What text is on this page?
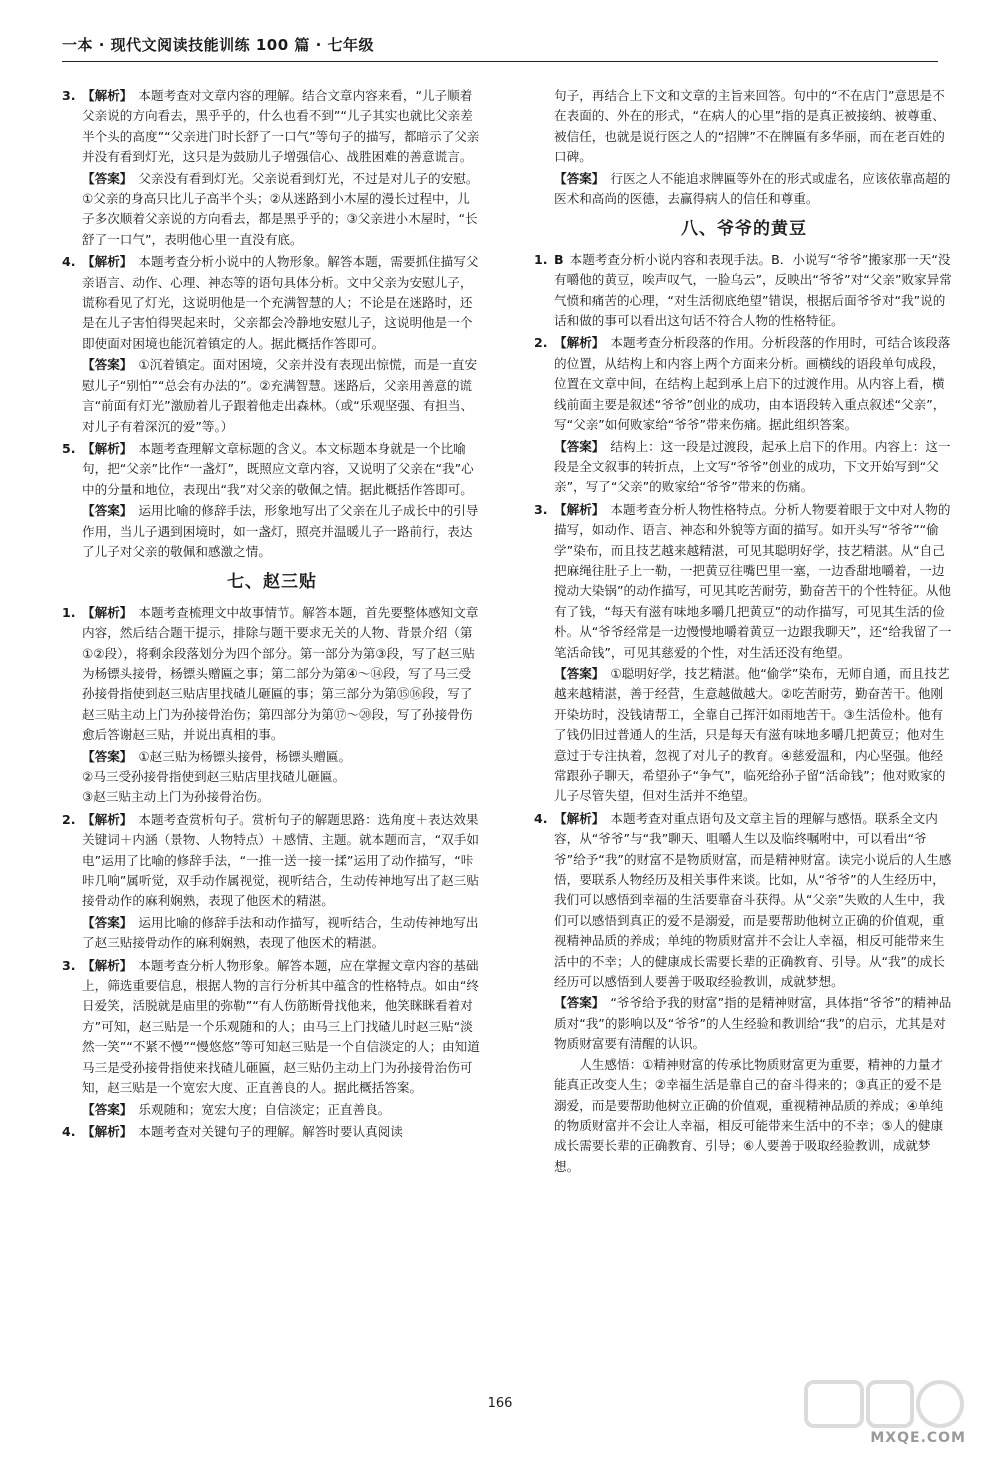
一本 · 现代文阅读技能训练 100 篇 · 七年级
3. 【解析】 本题考查对文章内容的理解。结合文章内容来看，“儿子顺着父亲说的方向看去，黑乎乎的，什么也看不到”“儿子其实也就比父亲差半个头的高度”“父亲进门时长舒了一口气”等句子的描写，都暗示了父亲并没有看到灯光，这只是为鼓励儿子增强信心、战胜困难的善意谎言。

【答案】 父亲没有看到灯光。父亲说看到灯光，不过是对儿子的安慰。①父亲的身高只比儿子高半个头；②从迷路到小木屋的漫长过程中，儿子多次顺着父亲说的方向看去，都是黑乎乎的；③父亲进小木屋时，“长舒了一口气”，表明他心里一直没有底。

4. 【解析】 本题考查分析小说中的人物形象。解答本题，需要抓住描写父亲语言、动作、心理、神态等的语句具体分析。文中父亲为安慰儿子，谎称看见了灯光，这说明他是一个充满智慧的人；不论是在迷路时，还是在儿子害怕得哭起来时，父亲都会冷静地安慰儿子，这说明他是一个即使面对困境也能沉着镇定的人。据此概括作答即可。

【答案】 ①沉着镇定。面对困境，父亲并没有表现出惊慌，而是一直安慰儿子“别怕”“总会有办法的”。②充满智慧。迷路后，父亲用善意的谎言“前面有灯光”激励着儿子跟着他走出森林。（或“乐观坚强、有担当、对儿子有着深沉的爱”等。）

5. 【解析】 本题考查理解文章标题的含义。本文标题本身就是一个比喻句，把“父亲”比作“一盏灯”，既照应文章内容，又说明了父亲在“我”心中的分量和地位，表现出“我”对父亲的敬佩之情。据此概括作答即可。

【答案】 运用比喻的修辞手法，形象地写出了父亲在儿子成长中的引导作用，当儿子遇到困境时，如一盏灯，照亮并温暖儿子一路前行，表达了儿子对父亲的敬佩和感激之情。

七、赵三贴
1. 【解析】 本题考查梳理文中故事情节。解答本题，首先要整体感知文章内容，然后结合题干提示，排除与题干要求无关的人物、背景介绍（第①②段），将剩余段落划分为四个部分。第一部分为第③段，写了赵三贴为杨镖头接骨，杨镖头赠匾之事；第二部分为第④～⑭段，写了马三受孙接骨指使到赵三贴店里找碴儿砸匾的事；第三部分为第⑮⑯段，写了赵三贴主动上门为孙接骨治伤；第四部分为第⑰～⑳段，写了孙接骨伤愈后答谢赵三贴，并说出真相的事。

【答案】 ①赵三贴为杨镖头接骨，杨镖头赠匾。

②马三受孙接骨指使到赵三贴店里找碴儿砸匾。

③赵三贴主动上门为孙接骨治伤。

2. 【解析】 本题考查赏析句子。赏析句子的解题思路：选角度＋表达效果关键词＋内涵（景物、人物特点）＋感情、主题。就本题而言，“双手如电”运用了比喻的修辞手法，“一推一送一接一揉”运用了动作描写，“咔咔几响”属听觉，双手动作属视觉，视听结合，生动传神地写出了赵三贴接骨动作的麻利娴熟，表现了他医术的精湛。

【答案】 运用比喻的修辞手法和动作描写，视听结合，生动传神地写出了赵三贴接骨动作的麻利娴熟，表现了他医术的精湛。

3. 【解析】 本题考查分析人物形象。解答本题，应在掌握文章内容的基础上，筛选重要信息，根据人物的言行分析其中蕴含的性格特点。如由“终日爱笑，活脱就是庙里的弥勒”“有人伤筋断骨找他来，他笑眯眯看着对方”可知，赵三贴是一个乐观随和的人；由马三上门找碴儿时赵三贴“淡然一笑”“不紧不慢”“慢悠悠”等可知赵三贴是一个自信淡定的人；由知道马三是受孙接骨指使来找碴儿砸匾，赵三贴仍主动上门为孙接骨治伤可知，赵三贴是一个宽宏大度、正直善良的人。据此概括答案。

【答案】 乐观随和；宽宏大度；自信淡定；正直善良。

4. 【解析】 本题考查对关键句子的理解。解答时要认真阅读

句子，再结合上下文和文章的主旨来回答。句中的“不在店门”意思是不在表面的、外在的形式，“在病人的心里”指的是真正被接纳、被尊重、被信任，也就是说行医之人的“招牌”不在牌匾有多华丽，而在老百姓的口碑。

【答案】 行医之人不能追求牌匾等外在的形式或虚名，应该依靠高超的医术和高尚的医德，去赢得病人的信任和尊重。

八、爷爷的黄豆
1. B 本题考查分析小说内容和表现手法。B．小说写“爷爷”搬家那一天“没有嚼他的黄豆，唉声叹气，一脸乌云”，反映出“爷爷”对“父亲”败家异常气愤和痛苦的心理，“对生活彻底绝望”错误，根据后面爷爷对“我”说的话和做的事可以看出这句话不符合人物的性格特征。

2. 【解析】 本题考查分析段落的作用。分析段落的作用时，可结合该段落的位置，从结构上和内容上两个方面来分析。画横线的语段单句成段，位置在文章中间，在结构上起到承上启下的过渡作用。从内容上看，横线前面主要是叙述“爷爷”创业的成功，由本语段转入重点叙述“父亲”，写“父亲”如何败家给“爷爷”带来伤痛。据此组织答案。

【答案】 结构上：这一段是过渡段，起承上启下的作用。内容上：这一段是全文叙事的转折点，上文写“爷爷”创业的成功，下文开始写到“父亲”，写了“父亲”的败家给“爷爷”带来的伤痛。

3. 【解析】 本题考查分析人物性格特点。分析人物要着眼于文中对人物的描写，如动作、语言、神态和外貌等方面的描写。如开头写“爷爷”“偷学”染布，而且技艺越来越精湛，可见其聪明好学，技艺精湛。从“自己把麻绳往肚子上一勒，一把黄豆往嘴巴里一塞，一边香甜地嚼着，一边搅动大染锅”的动作描写，可见其吃苦耐劳，勤奋苦干的个性特征。从他有了钱，“每天有滋有味地多嚼几把黄豆”的动作描写，可见其生活的俭朴。从“爷爷经常是一边慢慢地嚼着黄豆一边跟我聊天”，还“给我留了一笔活命钱”，可见其慈爱的个性，对生活还没有绝望。

【答案】 ①聪明好学，技艺精湛。他“偷学”染布，无师自通，而且技艺越来越精湛，善于经营，生意越做越大。②吃苦耐劳，勤奋苦干。他刚开染坊时，没钱请帮工，全靠自己挥汗如雨地苦干。③生活俭朴。他有了钱仍旧过普通人的生活，只是每天有滋有味地多嚼几把黄豆；他对生意过于专注执着，忽视了对儿子的教育。④慈爱温和，内心坚强。他经常跟孙子聊天，希望孙子“争气”，临死给孙子留“活命钱”；他对败家的儿子尽管失望，但对生活并不绝望。

4. 【解析】 本题考查对重点语句及文章主旨的理解与感悟。联系全文内容，从“爷爷”与“我”聊天、咀嚼人生以及临终嘱咐中，可以看出“爷爷”给予“我”的财富不是物质财富，而是精神财富。读完小说后的人生感悟，要联系人物经历及相关事件来谈。比如，从“爷爷”的人生经历中，我们可以感悟到幸福的生活要靠奋斗获得。从“父亲”失败的人生中，我们可以感悟到真正的爱不是溺爱，而是要帮助他树立正确的价值观，重视精神品质的养成；单纯的物质财富并不会让人幸福，相反可能带来生活中的不幸；人的健康成长需要长辈的正确教育、引导。从“我”的成长经历可以感悟到人要善于吸取经验教训，成就梦想。

【答案】 “爷爷给予我的财富”指的是精神财富，具体指“爷爷”的精神品质对“我”的影响以及“爷爷”的人生经验和教训给“我”的启示，尤其是对物质财富要有清醒的认识。

人生感悟：①精神财富的传承比物质财富更为重要，精神的力量才能真正改变人生；②幸福生活是靠自己的奋斗得来的；③真正的爱不是溺爱，而是要帮助他树立正确的价值观，重视精神品质的养成；④单纯的物质财富并不会让人幸福，相反可能带来生活中的不幸；⑤人的健康成长需要长辈的正确教育、引导；⑥人要善于吸取经验教训，成就梦想。

166
MXQE.COM
